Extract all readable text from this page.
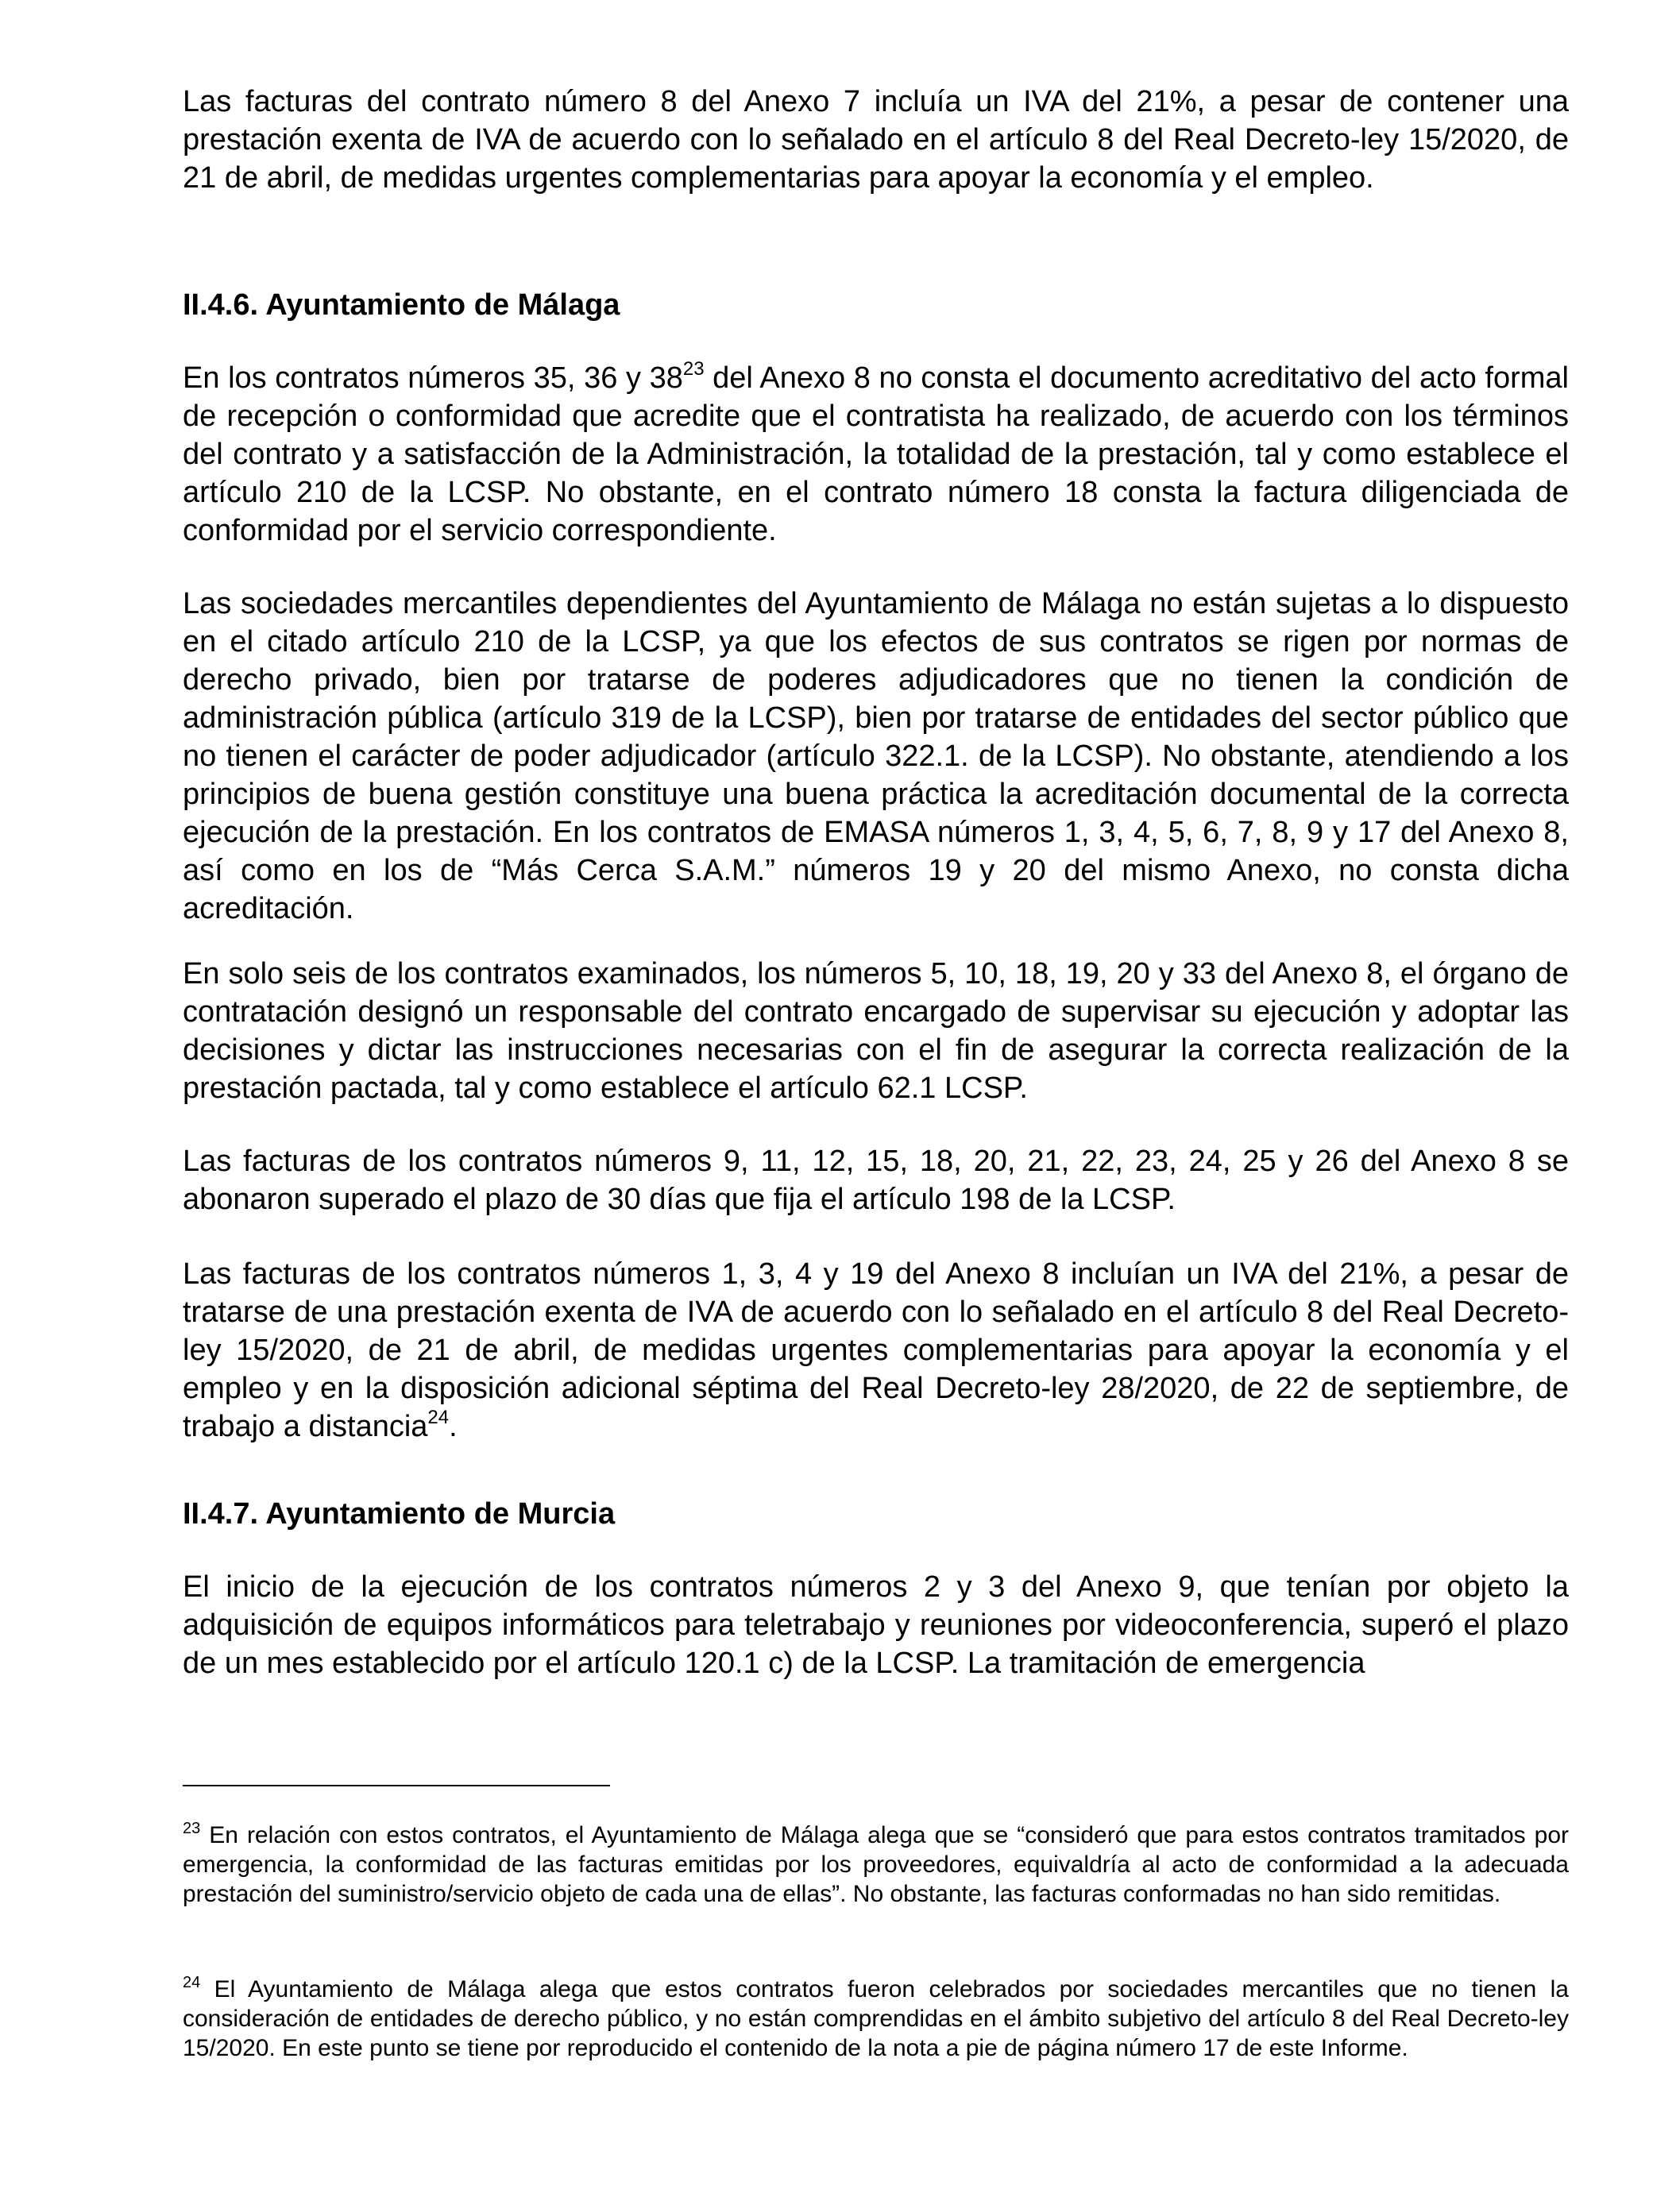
Las facturas del contrato número 8 del Anexo 7 incluía un IVA del 21%, a pesar de contener una prestación exenta de IVA de acuerdo con lo señalado en el artículo 8 del Real Decreto-ley 15/2020, de 21 de abril, de medidas urgentes complementarias para apoyar la economía y el empleo.

II.4.6. Ayuntamiento de Málaga

En los contratos números 35, 36 y $38^{23}$ del Anexo 8 no consta el documento acreditativo del acto formal de recepción o conformidad que acredite que el contratista ha realizado, de acuerdo con los términos del contrato y a satisfacción de la Administración, la totalidad de la prestación, tal y como establece el artículo 210 de la LCSP. No obstante, en el contrato número 18 consta la factura diligenciada de conformidad por el servicio correspondiente.

Las sociedades mercantiles dependientes del Ayuntamiento de Málaga no están sujetas a lo dispuesto en el citado artículo 210 de la LCSP, ya que los efectos de sus contratos se rigen por normas de derecho privado, bien por tratarse de poderes adjudicadores que no tienen la condición de administración pública (artículo 319 de la LCSP), bien por tratarse de entidades del sector público que no tienen el carácter de poder adjudicador (artículo 322.1. de la LCSP). No obstante, atendiendo a los principios de buena gestión constituye una buena práctica la acreditación documental de la correcta ejecución de la prestación. En los contratos de EMASA números 1, 3, 4, 5, 6, 7, 8, 9 y 17 del Anexo 8, así como en los de “Más Cerca S.A.M.” números 19 y 20 del mismo Anexo, no consta dicha acreditación.

En solo seis de los contratos examinados, los números 5, 10, 18, 19, 20 y 33 del Anexo 8, el órgano de contratación designó un responsable del contrato encargado de supervisar su ejecución y adoptar las decisiones y dictar las instrucciones necesarias con el fin de asegurar la correcta realización de la prestación pactada, tal y como establece el artículo 62.1 LCSP.

Las facturas de los contratos números 9, 11, 12, 15, 18, 20, 21, 22, 23, 24, 25 y 26 del Anexo 8 se abonaron superado el plazo de 30 días que fija el artículo 198 de la LCSP.

Las facturas de los contratos números 1, 3, 4 y 19 del Anexo 8 incluían un IVA del 21%, a pesar de tratarse de una prestación exenta de IVA de acuerdo con lo señalado en el artículo 8 del Real Decreto-ley 15/2020, de 21 de abril, de medidas urgentes complementarias para apoyar la economía y el empleo y en la disposición adicional séptima del Real Decreto-ley 28/2020, de 22 de septiembre, de trabajo a distancia$^{24}$.

II.4.7. Ayuntamiento de Murcia

El inicio de la ejecución de los contratos números 2 y 3 del Anexo 9, que tenían por objeto la adquisición de equipos informáticos para teletrabajo y reuniones por videoconferencia, superó el plazo de un mes establecido por el artículo 120.1 c) de la LCSP. La tramitación de emergencia

$^{23}$ En relación con estos contratos, el Ayuntamiento de Málaga alega que se “consideró que para estos contratos tramitados por emergencia, la conformidad de las facturas emitidas por los proveedores, equivaldría al acto de conformidad a la adecuada prestación del suministro/servicio objeto de cada una de ellas”. No obstante, las facturas conformadas no han sido remitidas.

$^{24}$ El Ayuntamiento de Málaga alega que estos contratos fueron celebrados por sociedades mercantiles que no tienen la consideración de entidades de derecho público, y no están comprendidas en el ámbito subjetivo del artículo 8 del Real Decreto-ley 15/2020. En este punto se tiene por reproducido el contenido de la nota a pie de página número 17 de este Informe.
